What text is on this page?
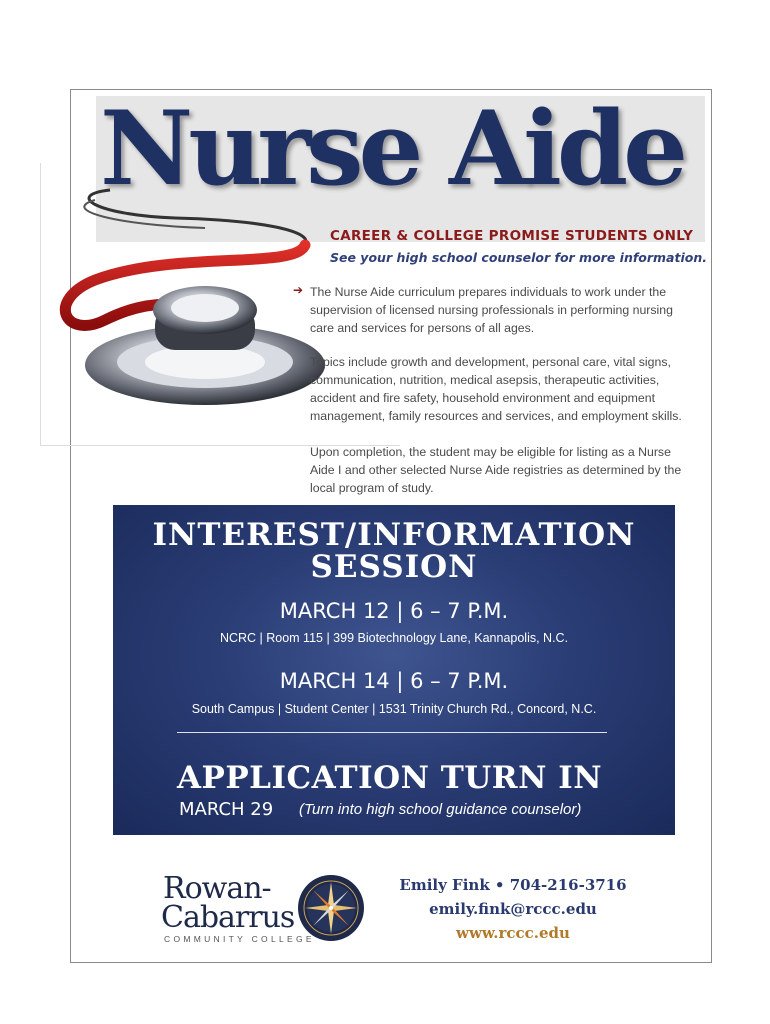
Nurse Aide
CAREER & COLLEGE PROMISE STUDENTS ONLY
See your high school counselor for more information.
➔ The Nurse Aide curriculum prepares individuals to work under the supervision of licensed nursing professionals in performing nursing care and services for persons of all ages.

Topics include growth and development, personal care, vital signs, communication, nutrition, medical asepsis, therapeutic activities, accident and fire safety, household environment and equipment management, family resources and services, and employment skills.

Upon completion, the student may be eligible for listing as a Nurse Aide I and other selected Nurse Aide registries as determined by the local program of study.

INTEREST/INFORMATION
SESSION
MARCH 12 | 6 – 7 P.M.
NCRC | Room 115 | 399 Biotechnology Lane, Kannapolis, N.C.
MARCH 14 | 6 – 7 P.M.
South Campus | Student Center | 1531 Trinity Church Rd., Concord, N.C.
APPLICATION TURN IN
MARCH 29 (Turn into high school guidance counselor)
Rowan-
Cabarrus
COMMUNITY COLLEGE
Emily Fink • 704-216-3716
emily.fink@rccc.edu
www.rccc.edu
